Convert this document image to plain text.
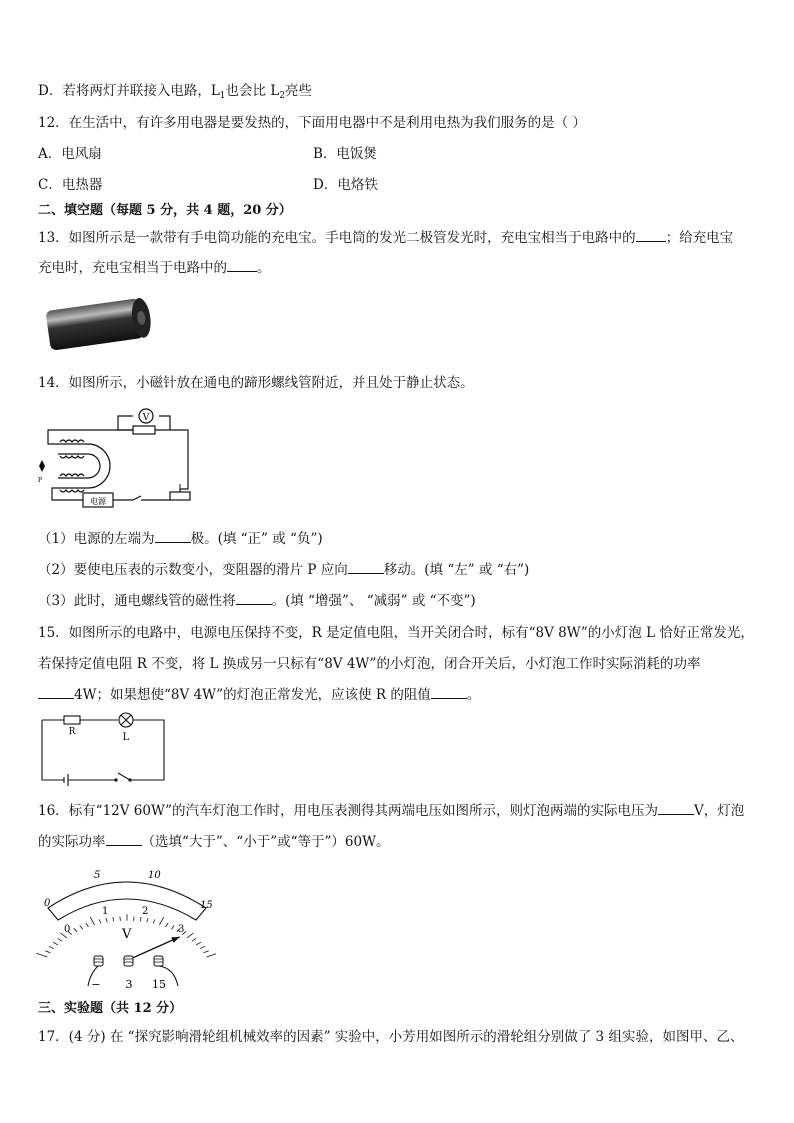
D．若将两灯并联接入电路，$L_1$也会比 $L_2$亮些
12．在生活中，有许多用电器是要发热的，下面用电器中不是利用电热为我们服务的是（ ）
A．电风扇	B．电饭煲
C．电热器	D．电烙铁
二、填空题（每题 5 分，共 4 题，20 分）
13．如图所示是一款带有手电筒功能的充电宝。手电筒的发光二极管发光时，充电宝相当于电路中的 ；给充电宝
充电时，充电宝相当于电路中的 。
14．如图所示，小磁针放在通电的蹄形螺线管附近，并且处于静止状态。
V
电源
P
（1）电源的左端为	极。(填 “正” 或 “负”)
（2）要使电压表的示数变小，变阻器的滑片 P 应向	移动。(填 “左” 或 “右”)
（3）此时，通电螺线管的磁性将	。(填 “增强”、 “减弱” 或 “不变”)
15．如图所示的电路中，电源电压保持不变，R 是定值电阻，当开关闭合时，标有“8V 8W”的小灯泡 L 恰好正常发光，
若保持定值电阻 R 不变，将 L 换成另一只标有“8V 4W”的小灯泡，闭合开关后，小灯泡工作时实际消耗的功率
4W；如果想使“8V 4W”的灯泡正常发光，应该使 R 的阻值	。
R	L
16．标有“12V 60W”的汽车灯泡工作时，用电压表测得其两端电压如图所示，则灯泡两端的实际电压为	V，灯泡
的实际功率	（选填“大于”、“小于”或“等于”）60W。
0
5	10
15
0
1	2
3
V
− 3 15
三、实验题（共 12 分）
17．(4 分) 在 “探究影响滑轮组机械效率的因素” 实验中，小芳用如图所示的滑轮组分别做了 3 组实验，如图甲、乙、
